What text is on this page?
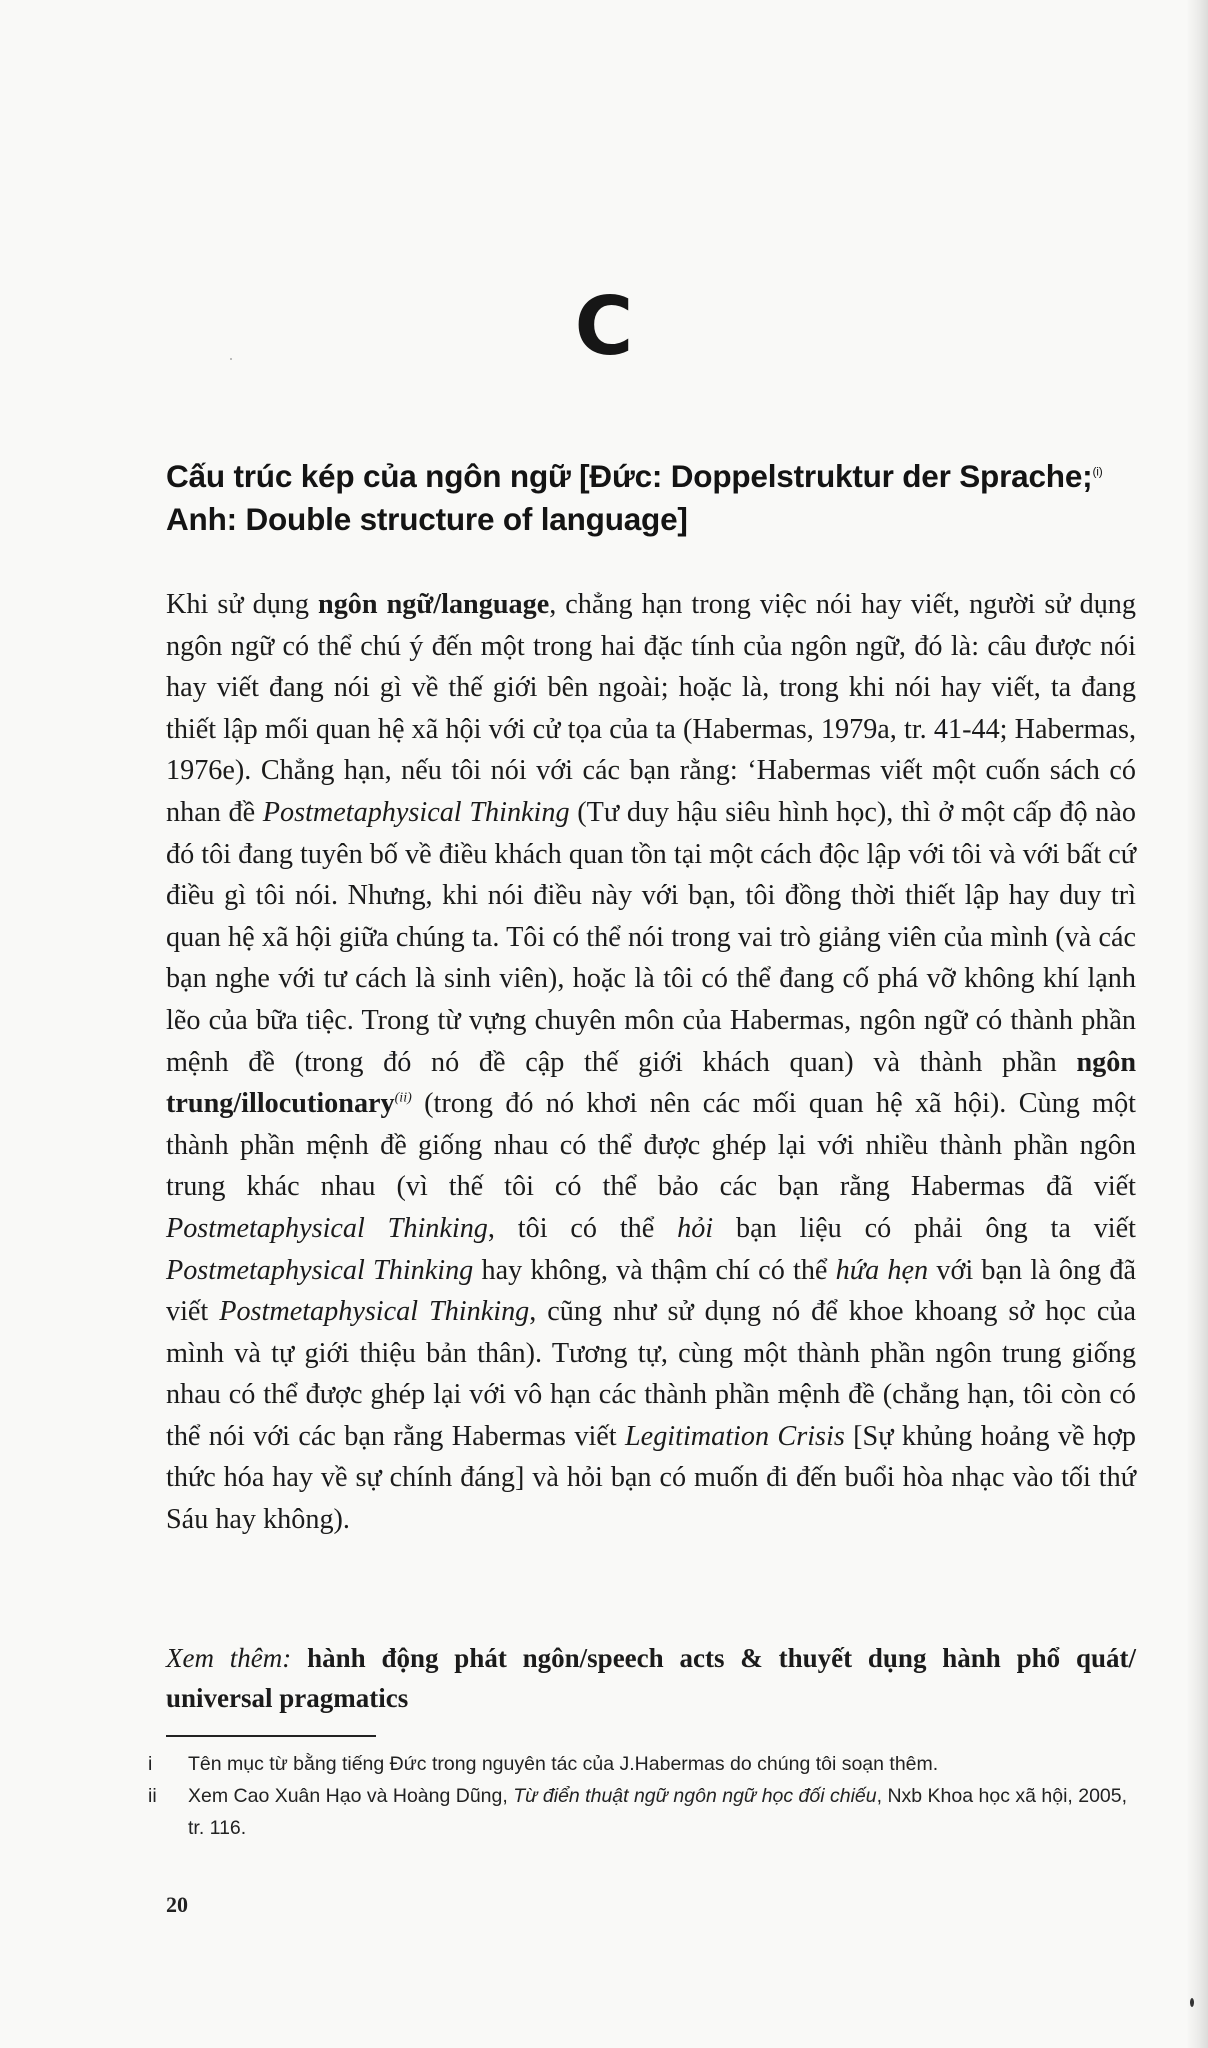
C
Cấu trúc kép của ngôn ngữ [Đức: Doppelstruktur der Sprache;$^{(i)}$
Anh: Double structure of language]

Khi sử dụng ngôn ngữ/language, chẳng hạn trong việc nói hay viết, người sử dụng ngôn ngữ có thể chú ý đến một trong hai đặc tính của ngôn ngữ, đó là: câu được nói hay viết đang nói gì về thế giới bên ngoài; hoặc là, trong khi nói hay viết, ta đang thiết lập mối quan hệ xã hội với cử tọa của ta (Habermas, 1979a, tr. 41-44; Habermas, 1976e). Chẳng hạn, nếu tôi nói với các bạn rằng: ‘Habermas viết một cuốn sách có nhan đề Postmetaphysical Thinking (Tư duy hậu siêu hình học), thì ở một cấp độ nào đó tôi đang tuyên bố về điều khách quan tồn tại một cách độc lập với tôi và với bất cứ điều gì tôi nói. Nhưng, khi nói điều này với bạn, tôi đồng thời thiết lập hay duy trì quan hệ xã hội giữa chúng ta. Tôi có thể nói trong vai trò giảng viên của mình (và các bạn nghe với tư cách là sinh viên), hoặc là tôi có thể đang cố phá vỡ không khí lạnh lẽo của bữa tiệc. Trong từ vựng chuyên môn của Habermas, ngôn ngữ có thành phần mệnh đề (trong đó nó đề cập thế giới khách quan) và thành phần ngôn trung/illocutionary$^{(ii)}$ (trong đó nó khơi nên các mối quan hệ xã hội). Cùng một thành phần mệnh đề giống nhau có thể được ghép lại với nhiều thành phần ngôn trung khác nhau (vì thế tôi có thể bảo các bạn rằng Habermas đã viết Postmetaphysical Thinking, tôi có thể hỏi bạn liệu có phải ông ta viết Postmetaphysical Thinking hay không, và thậm chí có thể hứa hẹn với bạn là ông đã viết Postmetaphysical Thinking, cũng như sử dụng nó để khoe khoang sở học của mình và tự giới thiệu bản thân). Tương tự, cùng một thành phần ngôn trung giống nhau có thể được ghép lại với vô hạn các thành phần mệnh đề (chẳng hạn, tôi còn có thể nói với các bạn rằng Habermas viết Legitimation Crisis [Sự khủng hoảng về hợp thức hóa hay về sự chính đáng] và hỏi bạn có muốn đi đến buổi hòa nhạc vào tối thứ Sáu hay không).

Xem thêm: hành động phát ngôn/speech acts & thuyết dụng hành phổ quát/ universal pragmatics

i Tên mục từ bằng tiếng Đức trong nguyên tác của J.Habermas do chúng tôi soạn thêm.

ii Xem Cao Xuân Hạo và Hoàng Dũng, Từ điển thuật ngữ ngôn ngữ học đối chiếu, Nxb Khoa học xã hội, 2005, tr. 116.

20
